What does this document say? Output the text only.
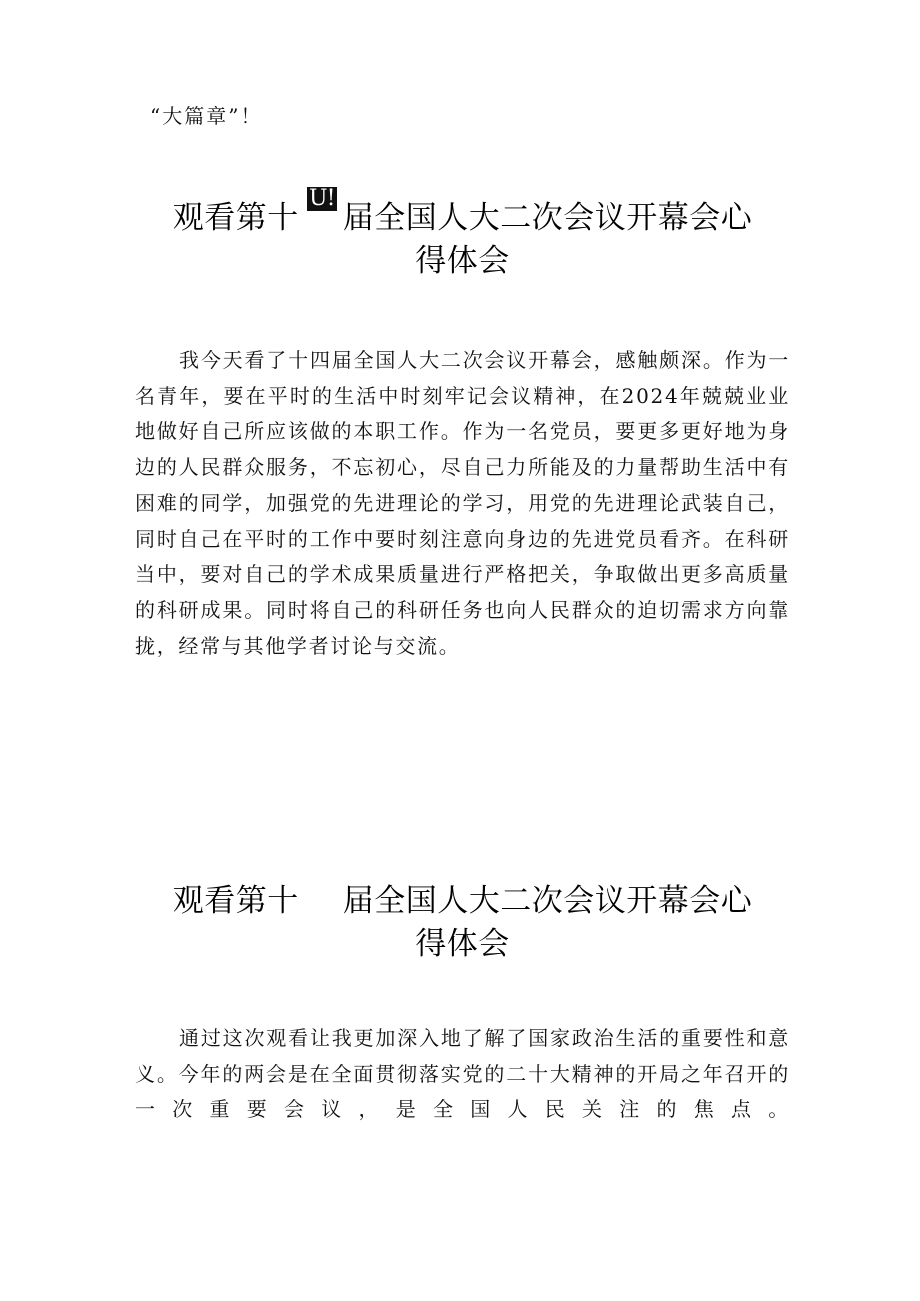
“大篇章”！
观看第十
U!
届全国人大二次会议开幕会心
得体会
我今天看了十四届全国人大二次会议开幕会，感触颇深。作为一名青年，要在平时的生活中时刻牢记会议精神，在2024年兢兢业业地做好自己所应该做的本职工作。作为一名党员，要更多更好地为身边的人民群众服务，不忘初心，尽自己力所能及的力量帮助生活中有困难的同学，加强党的先进理论的学习，用党的先进理论武装自己，同时自己在平时的工作中要时刻注意向身边的先进党员看齐。在科研当中，要对自己的学术成果质量进行严格把关，争取做出更多高质量的科研成果。同时将自己的科研任务也向人民群众的迫切需求方向靠拢，经常与其他学者讨论与交流。
观看第十 届全国人大二次会议开幕会心
得体会
通过这次观看让我更加深入地了解了国家政治生活的重要性和意义。今年的两会是在全面贯彻落实党的二十大精神的开局之年召开的一次重要会议，是全国人民关注的焦点。
